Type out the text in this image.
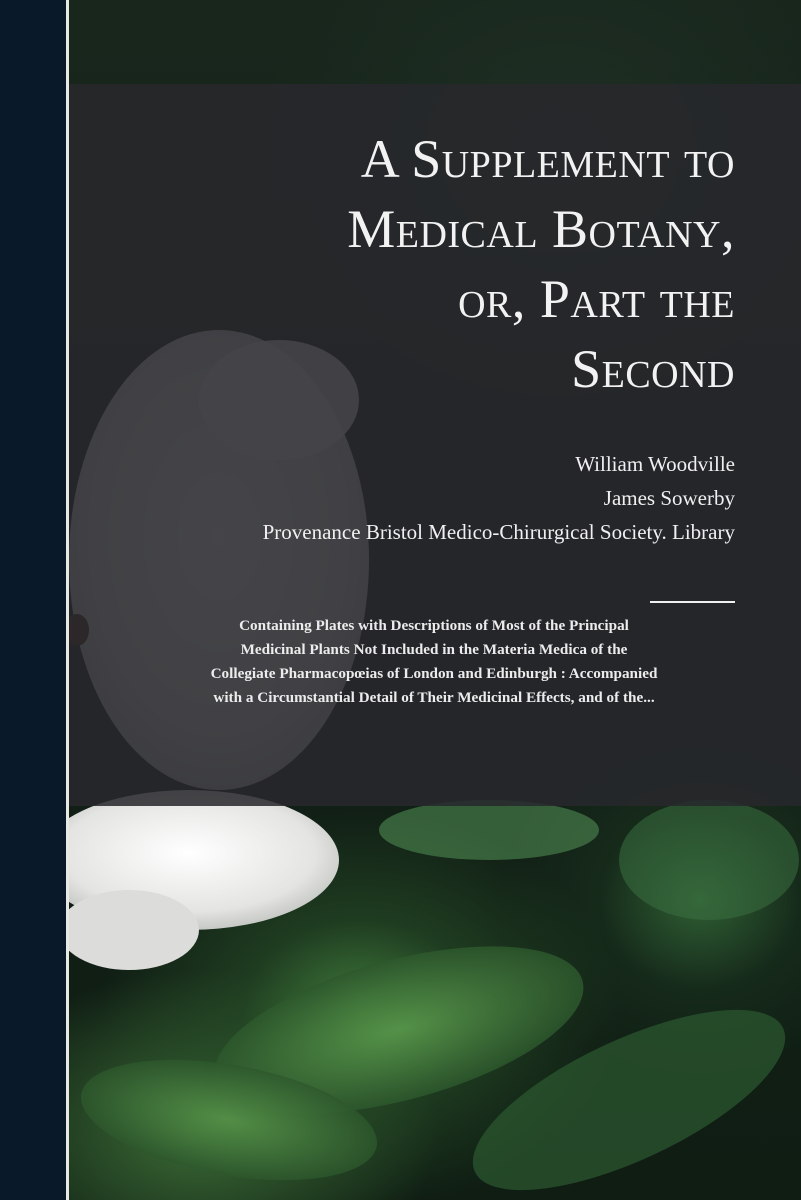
A Supplement to
Medical Botany,
or, Part the
Second
William Woodville
James Sowerby
Provenance Bristol Medico-Chirurgical Society. Library
Containing Plates with Descriptions of Most of the Principal
Medicinal Plants Not Included in the Materia Medica of the
Collegiate Pharmacopœias of London and Edinburgh : Accompanied
with a Circumstantial Detail of Their Medicinal Effects, and of the...
